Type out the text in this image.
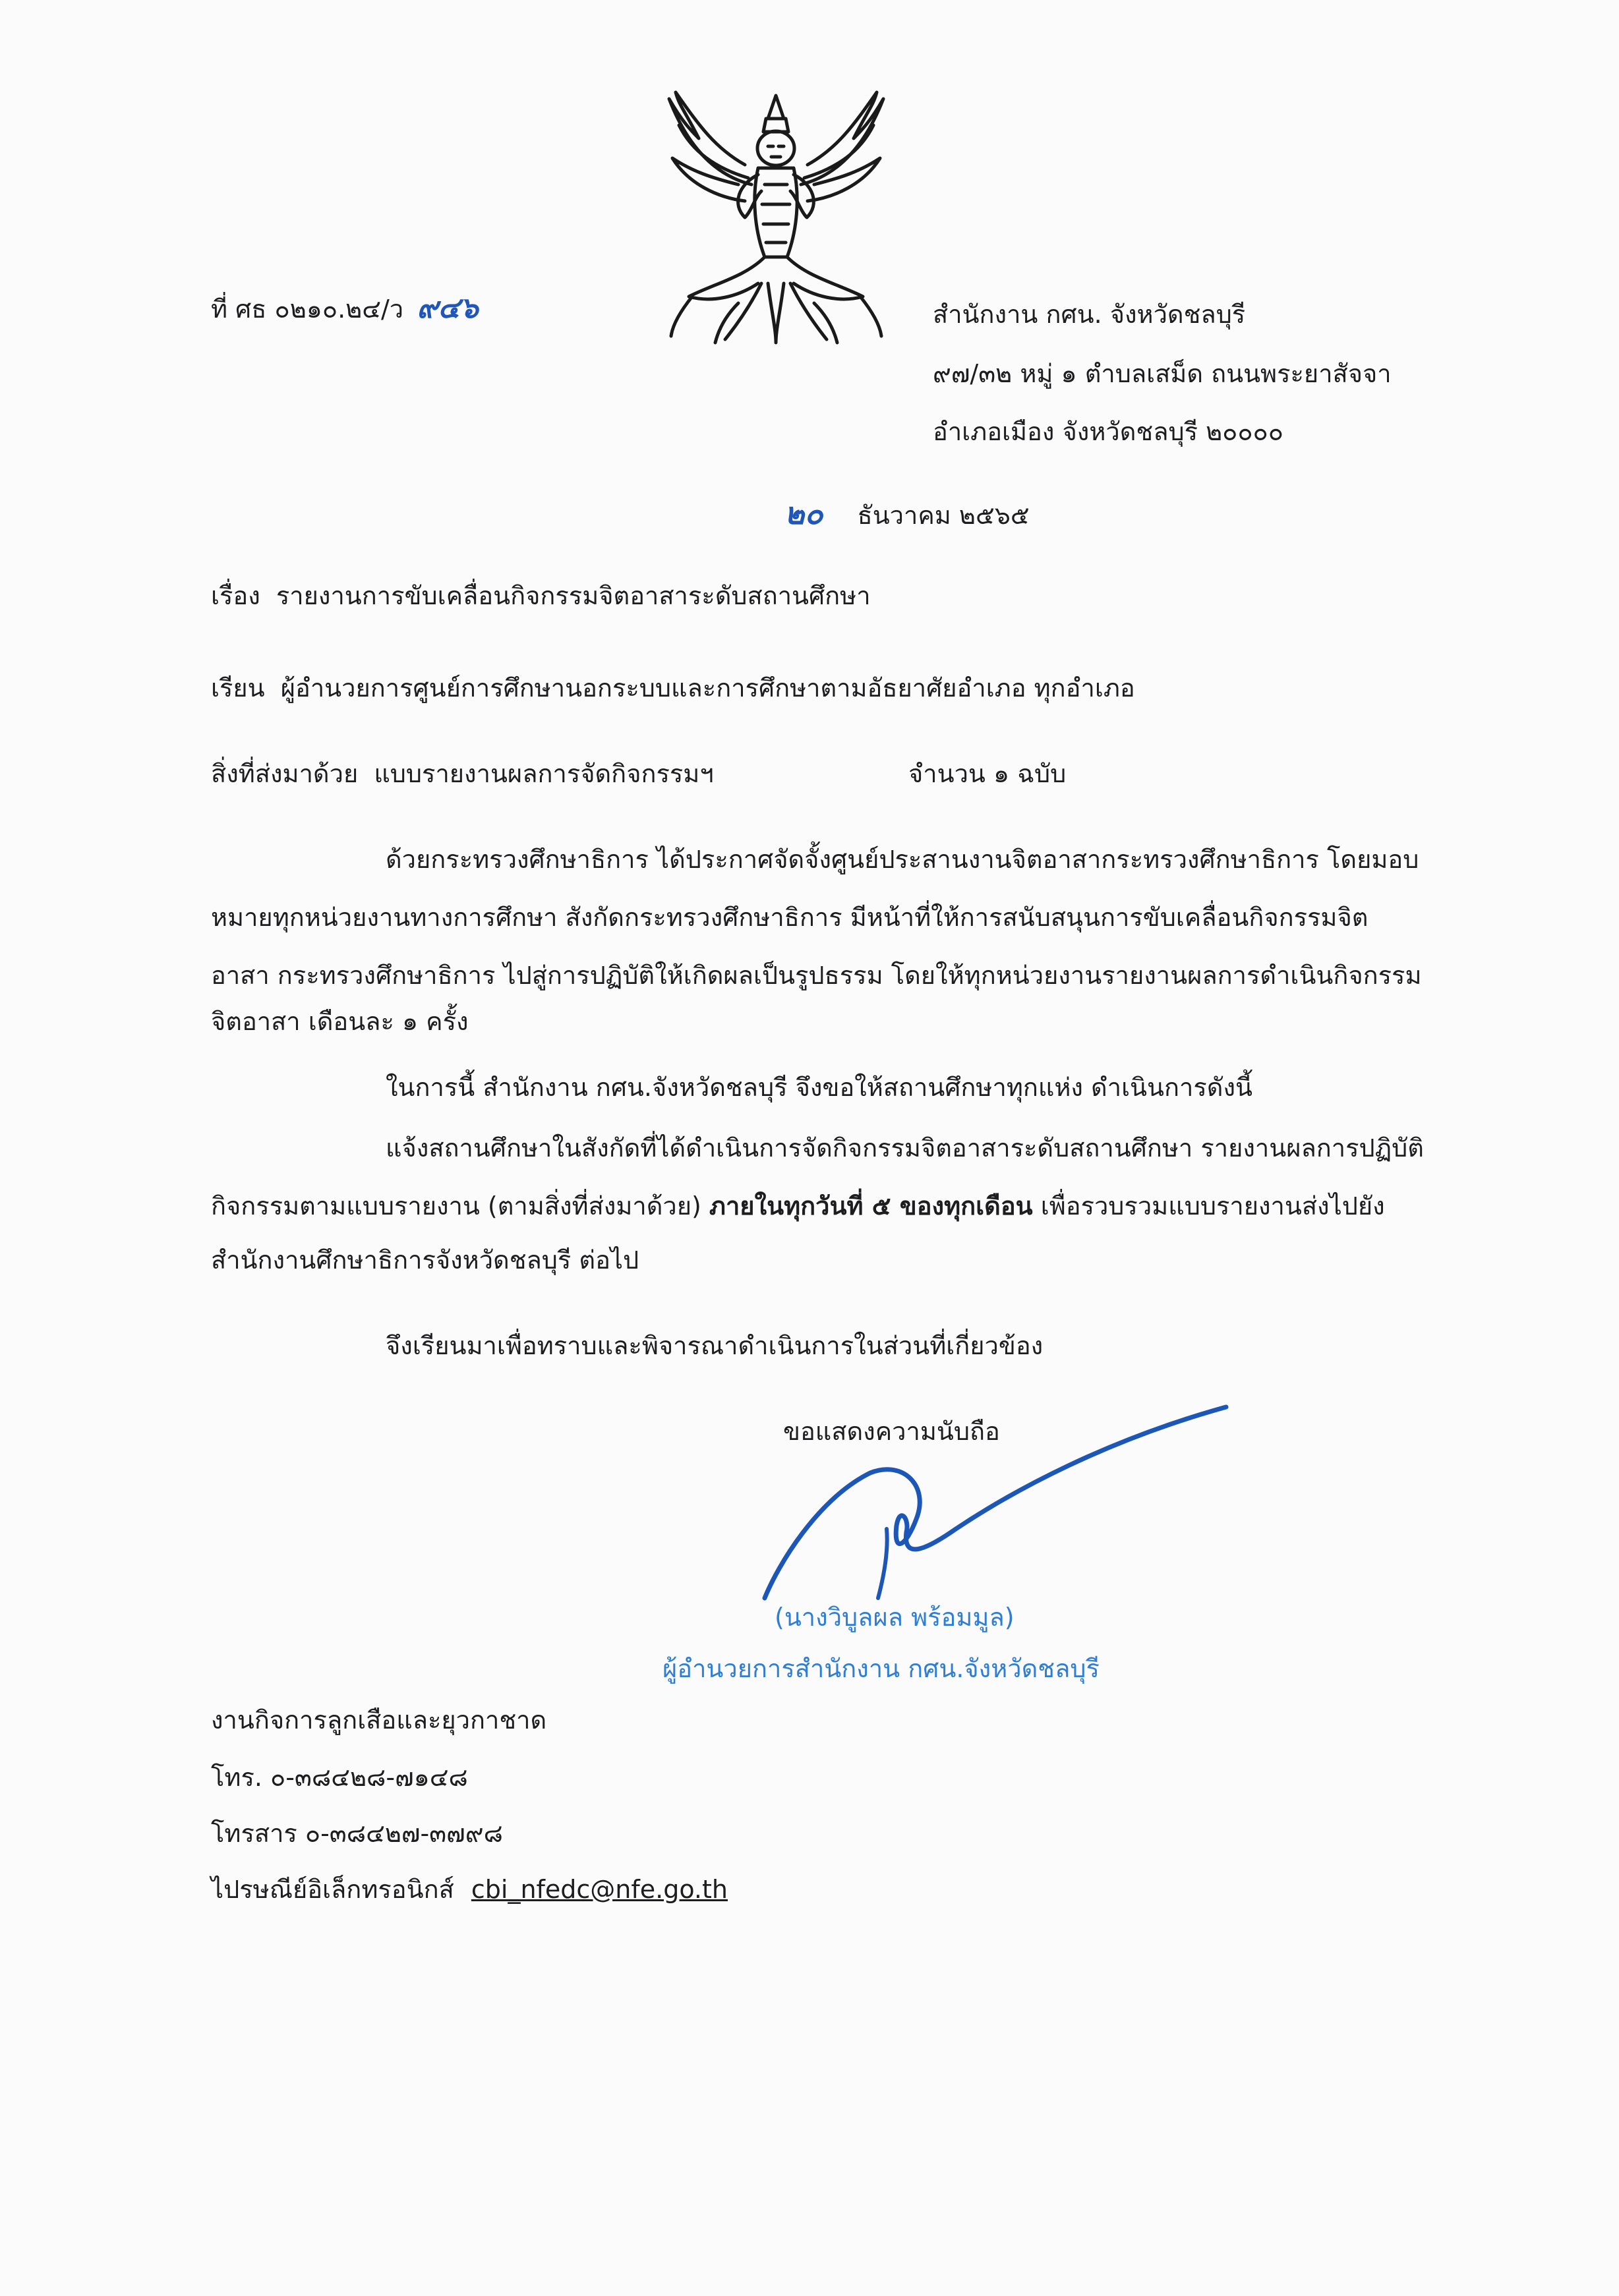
ที่ ศธ ๐๒๑๐.๒๔/ว ๙๔๖	สำนักงาน กศน. จังหวัดชลบุรี
๙๗/๓๒ หมู่ ๑ ตำบลเสม็ด ถนนพระยาสัจจา
อำเภอเมือง จังหวัดชลบุรี ๒๐๐๐๐
๒๐ ธันวาคม ๒๕๖๕
เรื่อง รายงานการขับเคลื่อนกิจกรรมจิตอาสาระดับสถานศึกษา
เรียน ผู้อำนวยการศูนย์การศึกษานอกระบบและการศึกษาตามอัธยาศัยอำเภอ ทุกอำเภอ
สิ่งที่ส่งมาด้วย แบบรายงานผลการจัดกิจกรรมฯ	จำนวน ๑ ฉบับ
ด้วยกระทรวงศึกษาธิการ ได้ประกาศจัดจั้งศูนย์ประสานงานจิตอาสากระทรวงศึกษาธิการ โดยมอบ
หมายทุกหน่วยงานทางการศึกษา สังกัดกระทรวงศึกษาธิการ มีหน้าที่ให้การสนับสนุนการขับเคลื่อนกิจกรรมจิต
อาสา กระทรวงศึกษาธิการ ไปสู่การปฏิบัติให้เกิดผลเป็นรูปธรรม โดยให้ทุกหน่วยงานรายงานผลการดำเนินกิจกรรม
จิตอาสา เดือนละ ๑ ครั้ง
ในการนี้ สำนักงาน กศน.จังหวัดชลบุรี จึงขอให้สถานศึกษาทุกแห่ง ดำเนินการดังนี้
แจ้งสถานศึกษาในสังกัดที่ได้ดำเนินการจัดกิจกรรมจิตอาสาระดับสถานศึกษา รายงานผลการปฏิบัติ
กิจกรรมตามแบบรายงาน (ตามสิ่งที่ส่งมาด้วย) ภายในทุกวันที่ ๕ ของทุกเดือน เพื่อรวบรวมแบบรายงานส่งไปยัง
สำนักงานศึกษาธิการจังหวัดชลบุรี ต่อไป
จึงเรียนมาเพื่อทราบและพิจารณาดำเนินการในส่วนที่เกี่ยวข้อง
ขอแสดงความนับถือ
(นางวิบูลผล พร้อมมูล)
ผู้อำนวยการสำนักงาน กศน.จังหวัดชลบุรี
งานกิจการลูกเสือและยุวกาชาด
โทร. ๐-๓๘๔๒๘-๗๑๔๘
โทรสาร ๐-๓๘๔๒๗-๓๗๙๘
ไปรษณีย์อิเล็กทรอนิกส์ cbi_nfedc@nfe.go.th
